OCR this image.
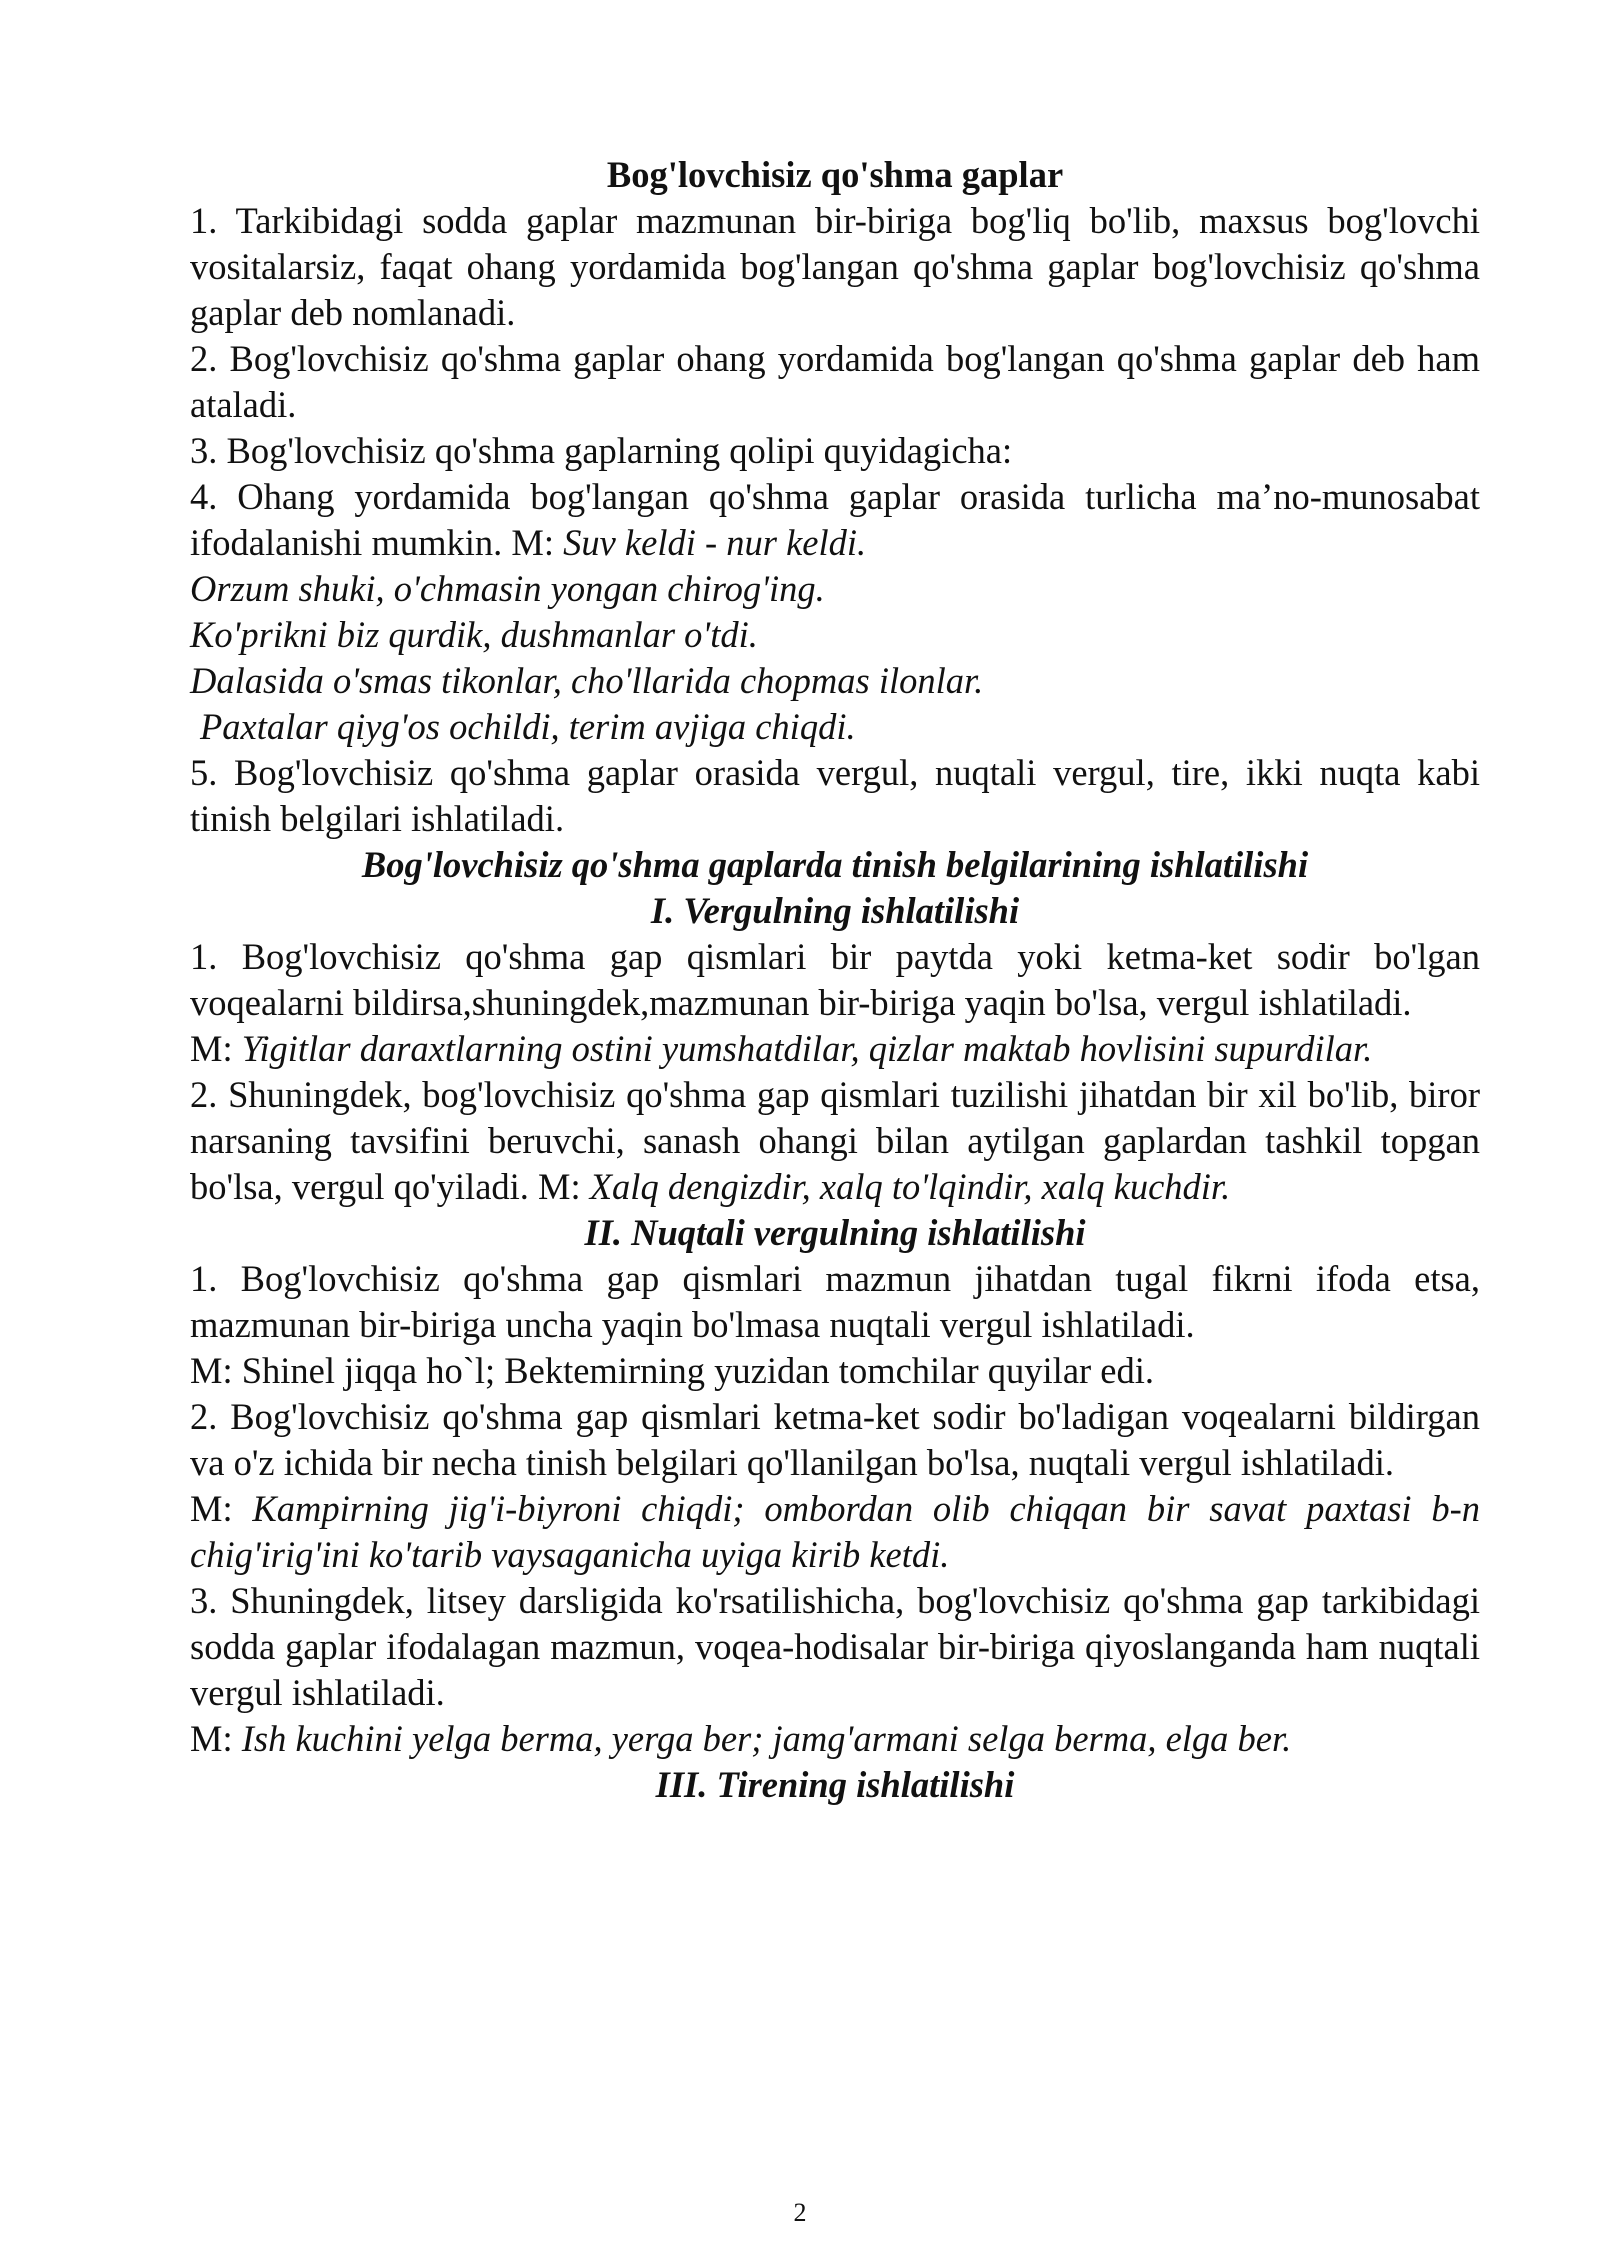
Bog'lovchisiz qo'shma gaplar

1. Tarkibidagi sodda gaplar mazmunan bir-biriga bog'liq bo'lib, maxsus bog'lovchi vositalarsiz, faqat ohang yordamida bog'langan qo'shma gaplar bog'lovchisiz qo'shma gaplar deb nomlanadi.

2. Bog'lovchisiz qo'shma gaplar ohang yordamida bog'langan qo'shma gaplar deb ham ataladi.

3. Bog'lovchisiz qo'shma gaplarning qolipi quyidagicha:

4. Ohang yordamida bog'langan qo'shma gaplar orasida turlicha ma’no-munosabat ifodalanishi mumkin. M: Suv keldi - nur keldi.

Orzum shuki, o'chmasin yongan chirog'ing.

Ko'prikni biz qurdik, dushmanlar o'tdi.

Dalasida o'smas tikonlar, cho'llarida chopmas ilonlar.

Paxtalar qiyg'os ochildi, terim avjiga chiqdi.

5. Bog'lovchisiz qo'shma gaplar orasida vergul, nuqtali vergul, tire, ikki nuqta kabi tinish belgilari ishlatiladi.

Bog'lovchisiz qo'shma gaplarda tinish belgilarining ishlatilishi

I. Vergulning ishlatilishi

1. Bog'lovchisiz qo'shma gap qismlari bir paytda yoki ketma-ket sodir bo'lgan voqealarni bildirsa,shuningdek,mazmunan bir-biriga yaqin bo'lsa, vergul ishlatiladi.

M: Yigitlar daraxtlarning ostini yumshatdilar, qizlar maktab hovlisini supurdilar.

2. Shuningdek, bog'lovchisiz qo'shma gap qismlari tuzilishi jihatdan bir xil bo'lib, biror narsaning tavsifini beruvchi, sanash ohangi bilan aytilgan gaplardan tashkil topgan bo'lsa, vergul qo'yiladi. M: Xalq dengizdir, xalq to'lqindir, xalq kuchdir.

II. Nuqtali vergulning ishlatilishi

1. Bog'lovchisiz qo'shma gap qismlari mazmun jihatdan tugal fikrni ifoda etsa, mazmunan bir-biriga uncha yaqin bo'lmasa nuqtali vergul ishlatiladi.

M: Shinel jiqqa ho`l; Bektemirning yuzidan tomchilar quyilar edi.

2. Bog'lovchisiz qo'shma gap qismlari ketma-ket sodir bo'ladigan voqealarni bildirgan va o'z ichida bir necha tinish belgilari qo'llanilgan bo'lsa, nuqtali vergul ishlatiladi.

M: Kampirning jig'i-biyroni chiqdi; ombordan olib chiqqan bir savat paxtasi b-n chig'irig'ini ko'tarib vaysaganicha uyiga kirib ketdi.

3. Shuningdek, litsey darsligida ko'rsatilishicha, bog'lovchisiz qo'shma gap tarkibidagi sodda gaplar ifodalagan mazmun, voqea-hodisalar bir-biriga qiyoslanganda ham nuqtali vergul ishlatiladi.

M: Ish kuchini yelga berma, yerga ber; jamg'armani selga berma, elga ber.

III. Tirening ishlatilishi

2
